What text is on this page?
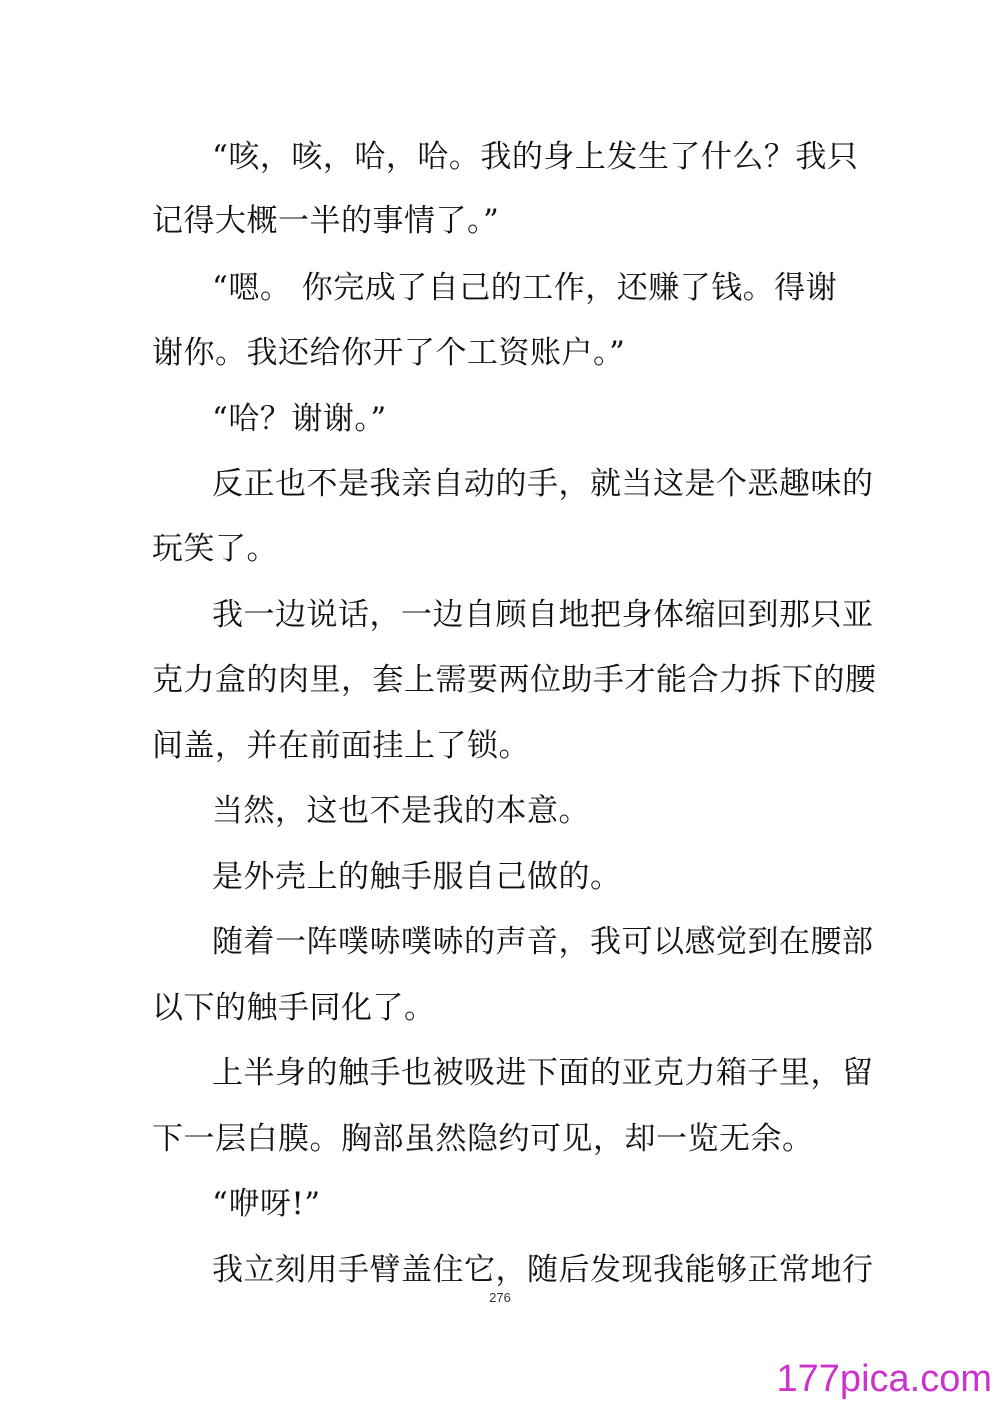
“咳，咳，哈，哈。我的身上发生了什么？我只
记得大概一半的事情了。”
“嗯。 你完成了自己的工作，还赚了钱。得谢
谢你。我还给你开了个工资账户。”
“哈？谢谢。”
反正也不是我亲自动的手，就当这是个恶趣味的
玩笑了。
我一边说话，一边自顾自地把身体缩回到那只亚
克力盒的肉里，套上需要两位助手才能合力拆下的腰
间盖，并在前面挂上了锁。
当然，这也不是我的本意。
是外壳上的触手服自己做的。
随着一阵噗哧噗哧的声音，我可以感觉到在腰部
以下的触手同化了。
上半身的触手也被吸进下面的亚克力箱子里，留
下一层白膜。胸部虽然隐约可见，却一览无余。
“咿呀!”
我立刻用手臂盖住它，随后发现我能够正常地行
276
177pica.com
